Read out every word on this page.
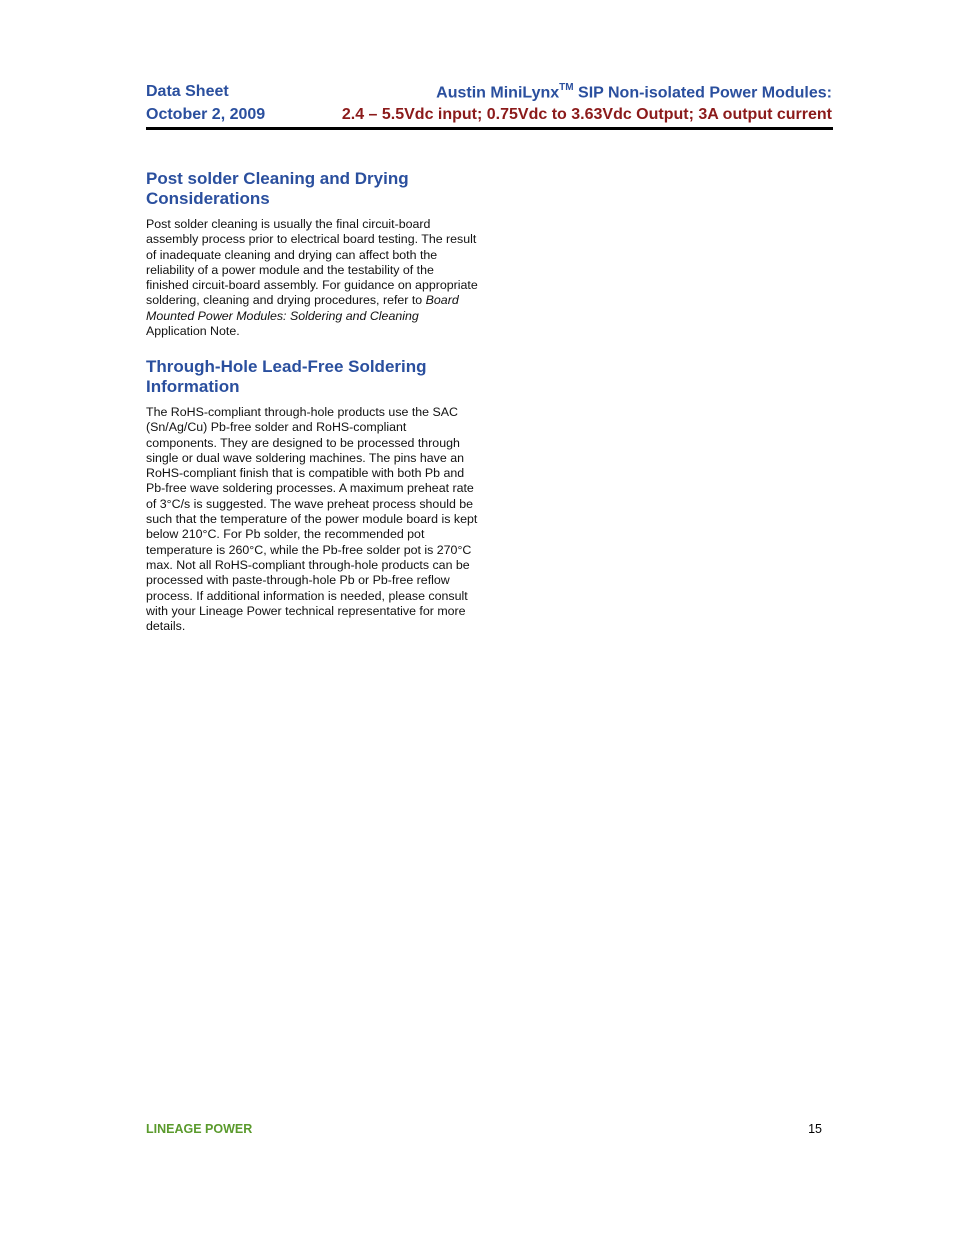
Data Sheet
October 2, 2009
Austin MiniLynx™ SIP Non-isolated Power Modules:
2.4 – 5.5Vdc input; 0.75Vdc to 3.63Vdc Output; 3A output current
Post solder Cleaning and Drying Considerations

Post solder cleaning is usually the final circuit-board assembly process prior to electrical board testing. The result of inadequate cleaning and drying can affect both the reliability of a power module and the testability of the finished circuit-board assembly. For guidance on appropriate soldering, cleaning and drying procedures, refer to Board Mounted Power Modules: Soldering and Cleaning Application Note.

Through-Hole Lead-Free Soldering Information

The RoHS-compliant through-hole products use the SAC (Sn/Ag/Cu) Pb-free solder and RoHS-compliant components. They are designed to be processed through single or dual wave soldering machines. The pins have an RoHS-compliant finish that is compatible with both Pb and Pb-free wave soldering processes. A maximum preheat rate of 3°C/s is suggested. The wave preheat process should be such that the temperature of the power module board is kept below 210°C. For Pb solder, the recommended pot temperature is 260°C, while the Pb-free solder pot is 270°C max. Not all RoHS-compliant through-hole products can be processed with paste-through-hole Pb or Pb-free reflow process. If additional information is needed, please consult with your Lineage Power technical representative for more details.

LINEAGE POWER	15
